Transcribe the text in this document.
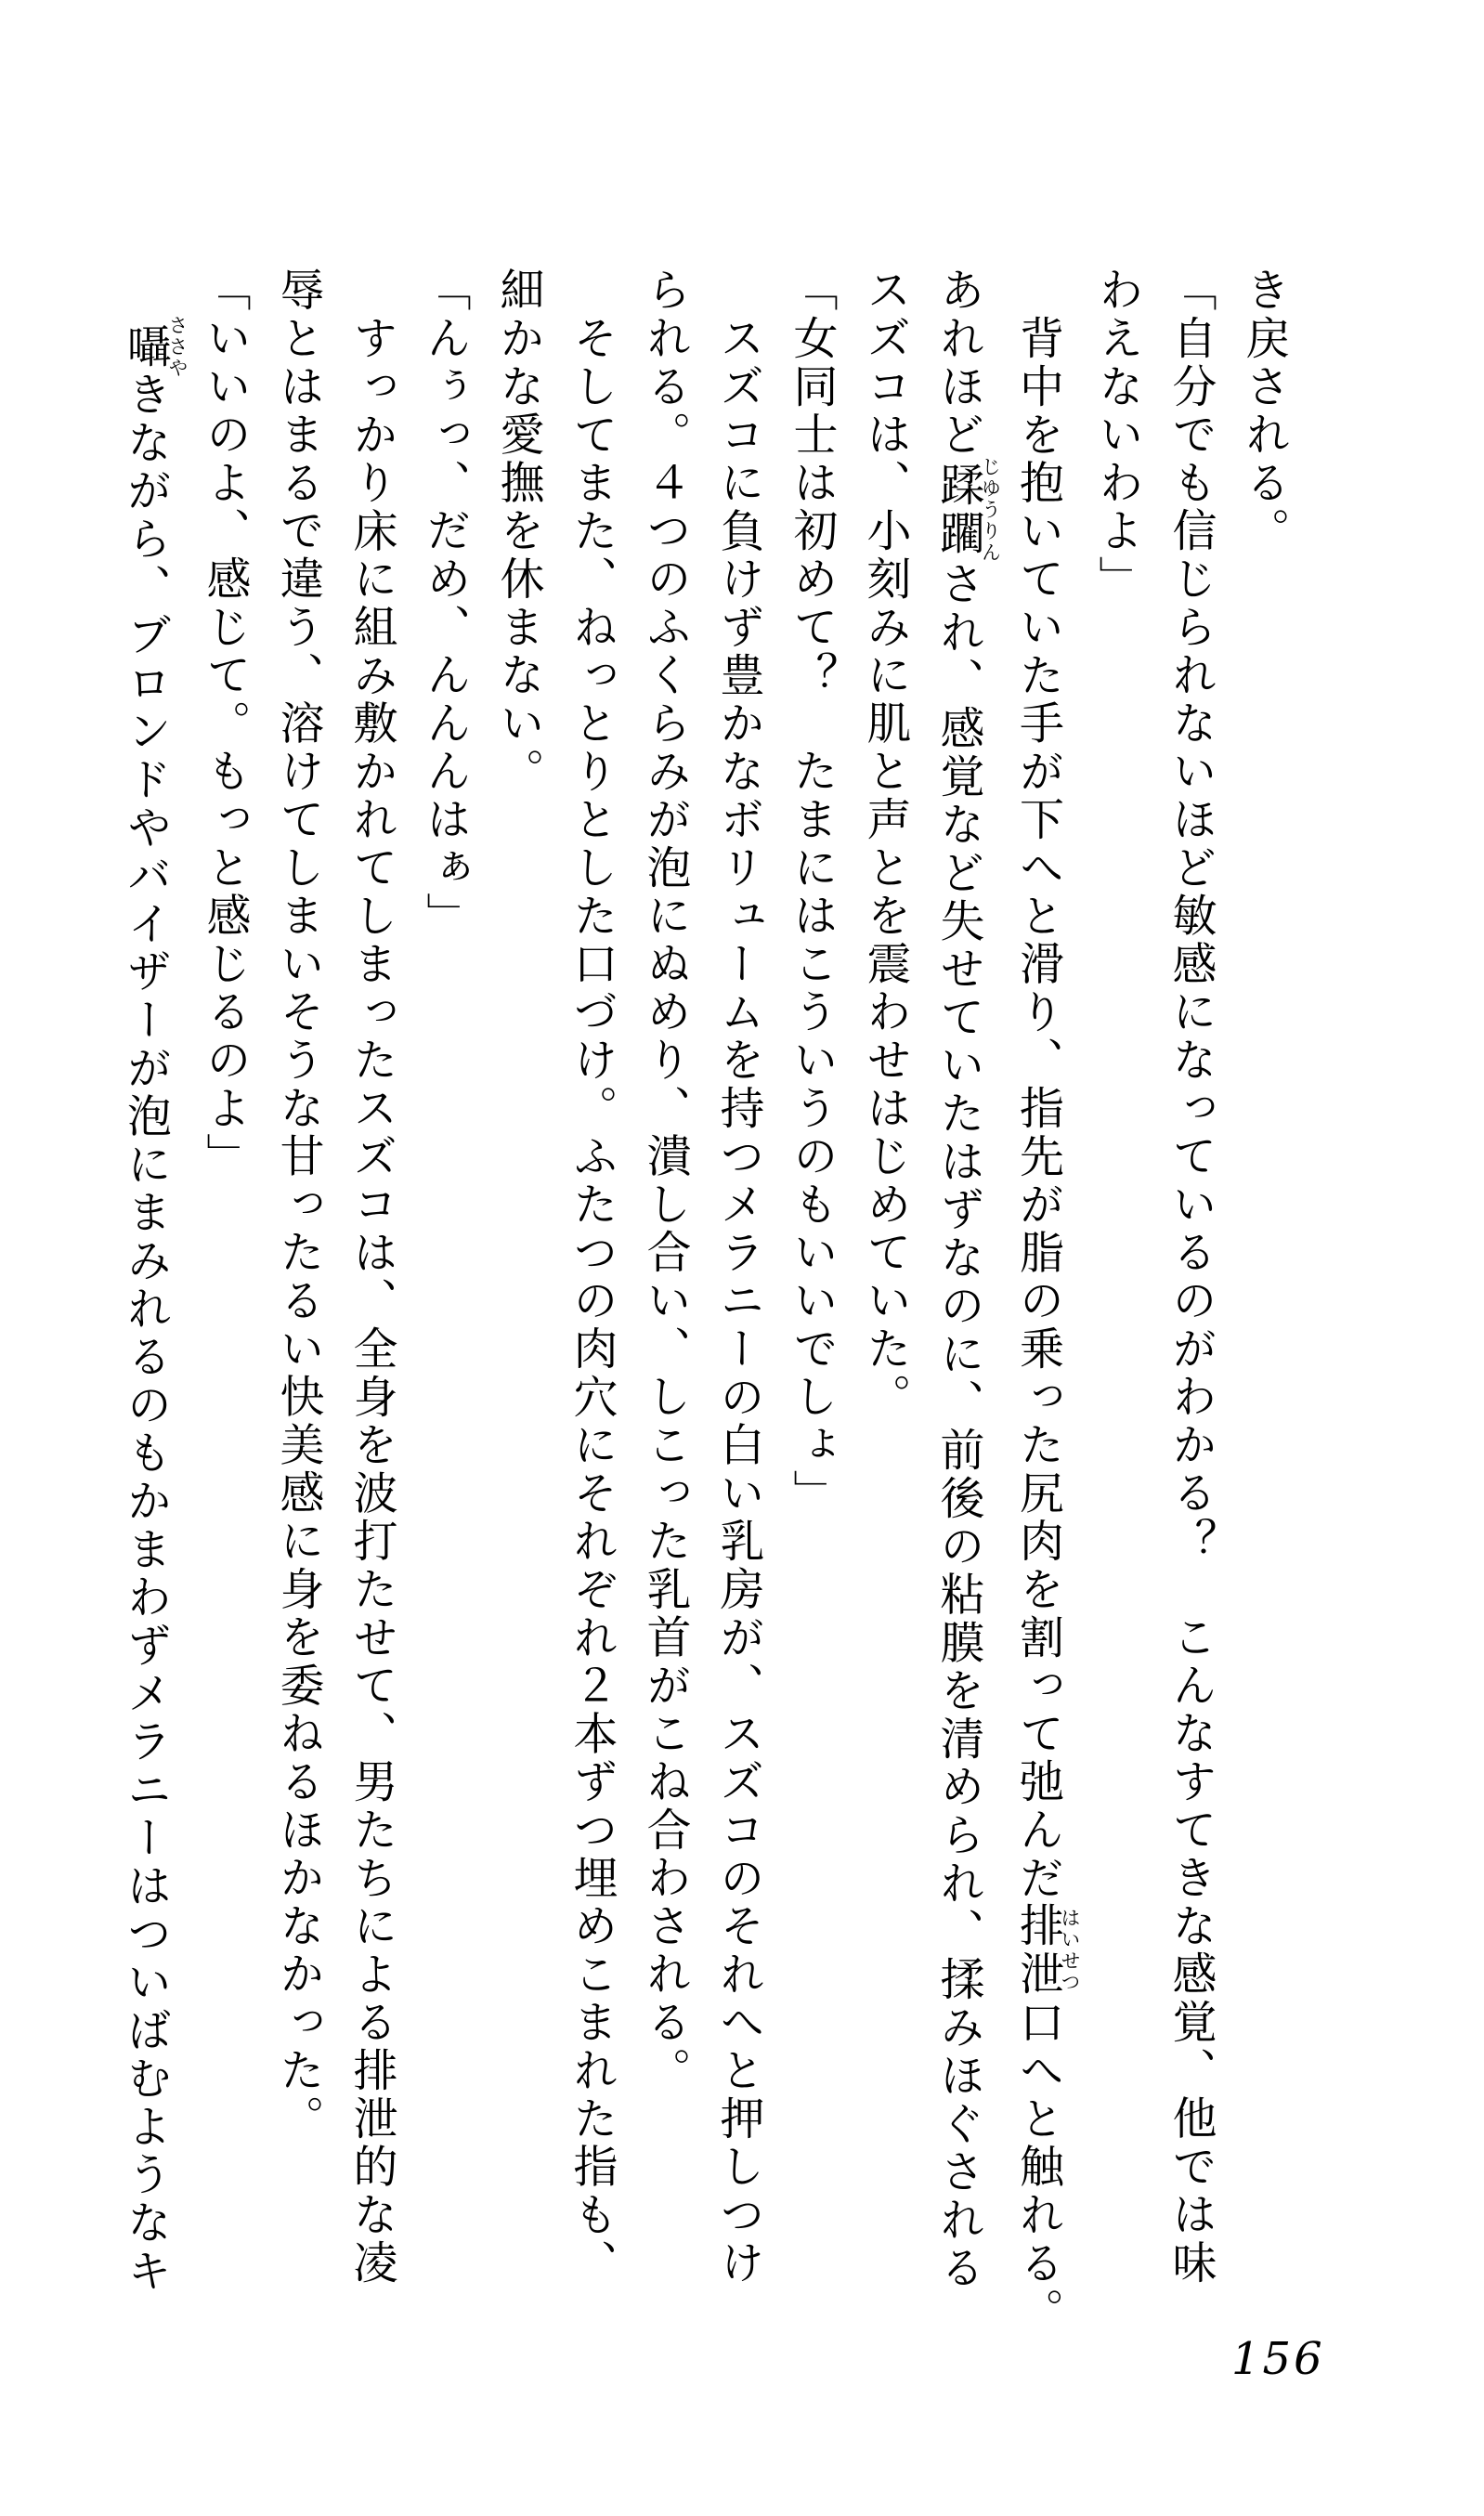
き戻される。

「自分でも信じられないほど敏感になっているのがわかる？　こんなすてきな感覚、他では味

わえないわよ」

背中を抱いていた手が下へと滑り、指先が脂の乗った尻肉を割って弛んだ排泄はいせつ口へと触れる。

あれほど蹂躙じゆうりんされ、感覚など失せていたはずなのに、前後の粘膜を清められ、揉みほぐされる

スズコは、小刻みに肌と声とを震わせはじめていた。

「女同士は初めて？　たまにはこういうのもいいでしょ」

スズコに負けず豊かなボリュームを持つメラニーの白い乳房が、スズコのそれへと押しつけ

られる。４つのふくらみが泡にぬめり、潰し合い、しこった乳首がこね合わされる。

そしてまた、ねっとりとした口づけ。ふたつの肉穴にそれぞれ２本ずつ埋めこまれた指も、

細かな愛撫を休まない。

「んぅっ、だめ、んんんはぁ」

すっかり床に組み敷かれてしまったスズコは、全身を波打たせて、男たちによる排泄的な凌

辱とはまるで違う、溶けてしまいそうな甘ったるい快美感に身を委ねるほかなかった。

「いいのよ、感じて。もっと感じるのよ」

囁ささやきながら、ブロンドやバイザーが泡にまみれるのもかまわずメラニーはついばむようなキ

156
